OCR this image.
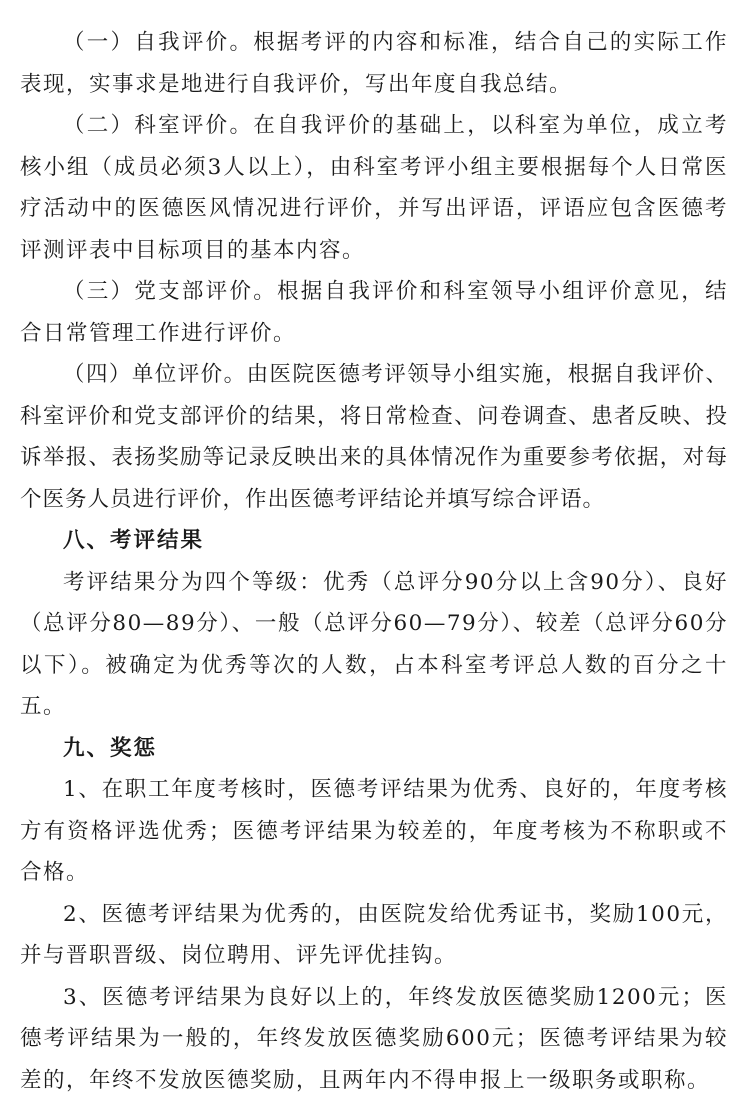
（一）自我评价。根据考评的内容和标准，结合自己的实际工作表现，实事求是地进行自我评价，写出年度自我总结。

（二）科室评价。在自我评价的基础上，以科室为单位，成立考核小组（成员必须3人以上），由科室考评小组主要根据每个人日常医疗活动中的医德医风情况进行评价，并写出评语，评语应包含医德考评测评表中目标项目的基本内容。

（三）党支部评价。根据自我评价和科室领导小组评价意见，结合日常管理工作进行评价。

（四）单位评价。由医院医德考评领导小组实施，根据自我评价、科室评价和党支部评价的结果，将日常检查、问卷调查、患者反映、投诉举报、表扬奖励等记录反映出来的具体情况作为重要参考依据，对每个医务人员进行评价，作出医德考评结论并填写综合评语。

八、考评结果

考评结果分为四个等级：优秀（总评分90分以上含90分）、良好（总评分80—89分）、一般（总评分60—79分）、较差（总评分60分以下）。被确定为优秀等次的人数，占本科室考评总人数的百分之十五。

九、奖惩

1、在职工年度考核时，医德考评结果为优秀、良好的，年度考核方有资格评选优秀；医德考评结果为较差的，年度考核为不称职或不合格。

2、医德考评结果为优秀的，由医院发给优秀证书，奖励100元，并与晋职晋级、岗位聘用、评先评优挂钩。

3、医德考评结果为良好以上的，年终发放医德奖励1200元；医德考评结果为一般的，年终发放医德奖励600元；医德考评结果为较差的，年终不发放医德奖励，且两年内不得申报上一级职务或职称。
